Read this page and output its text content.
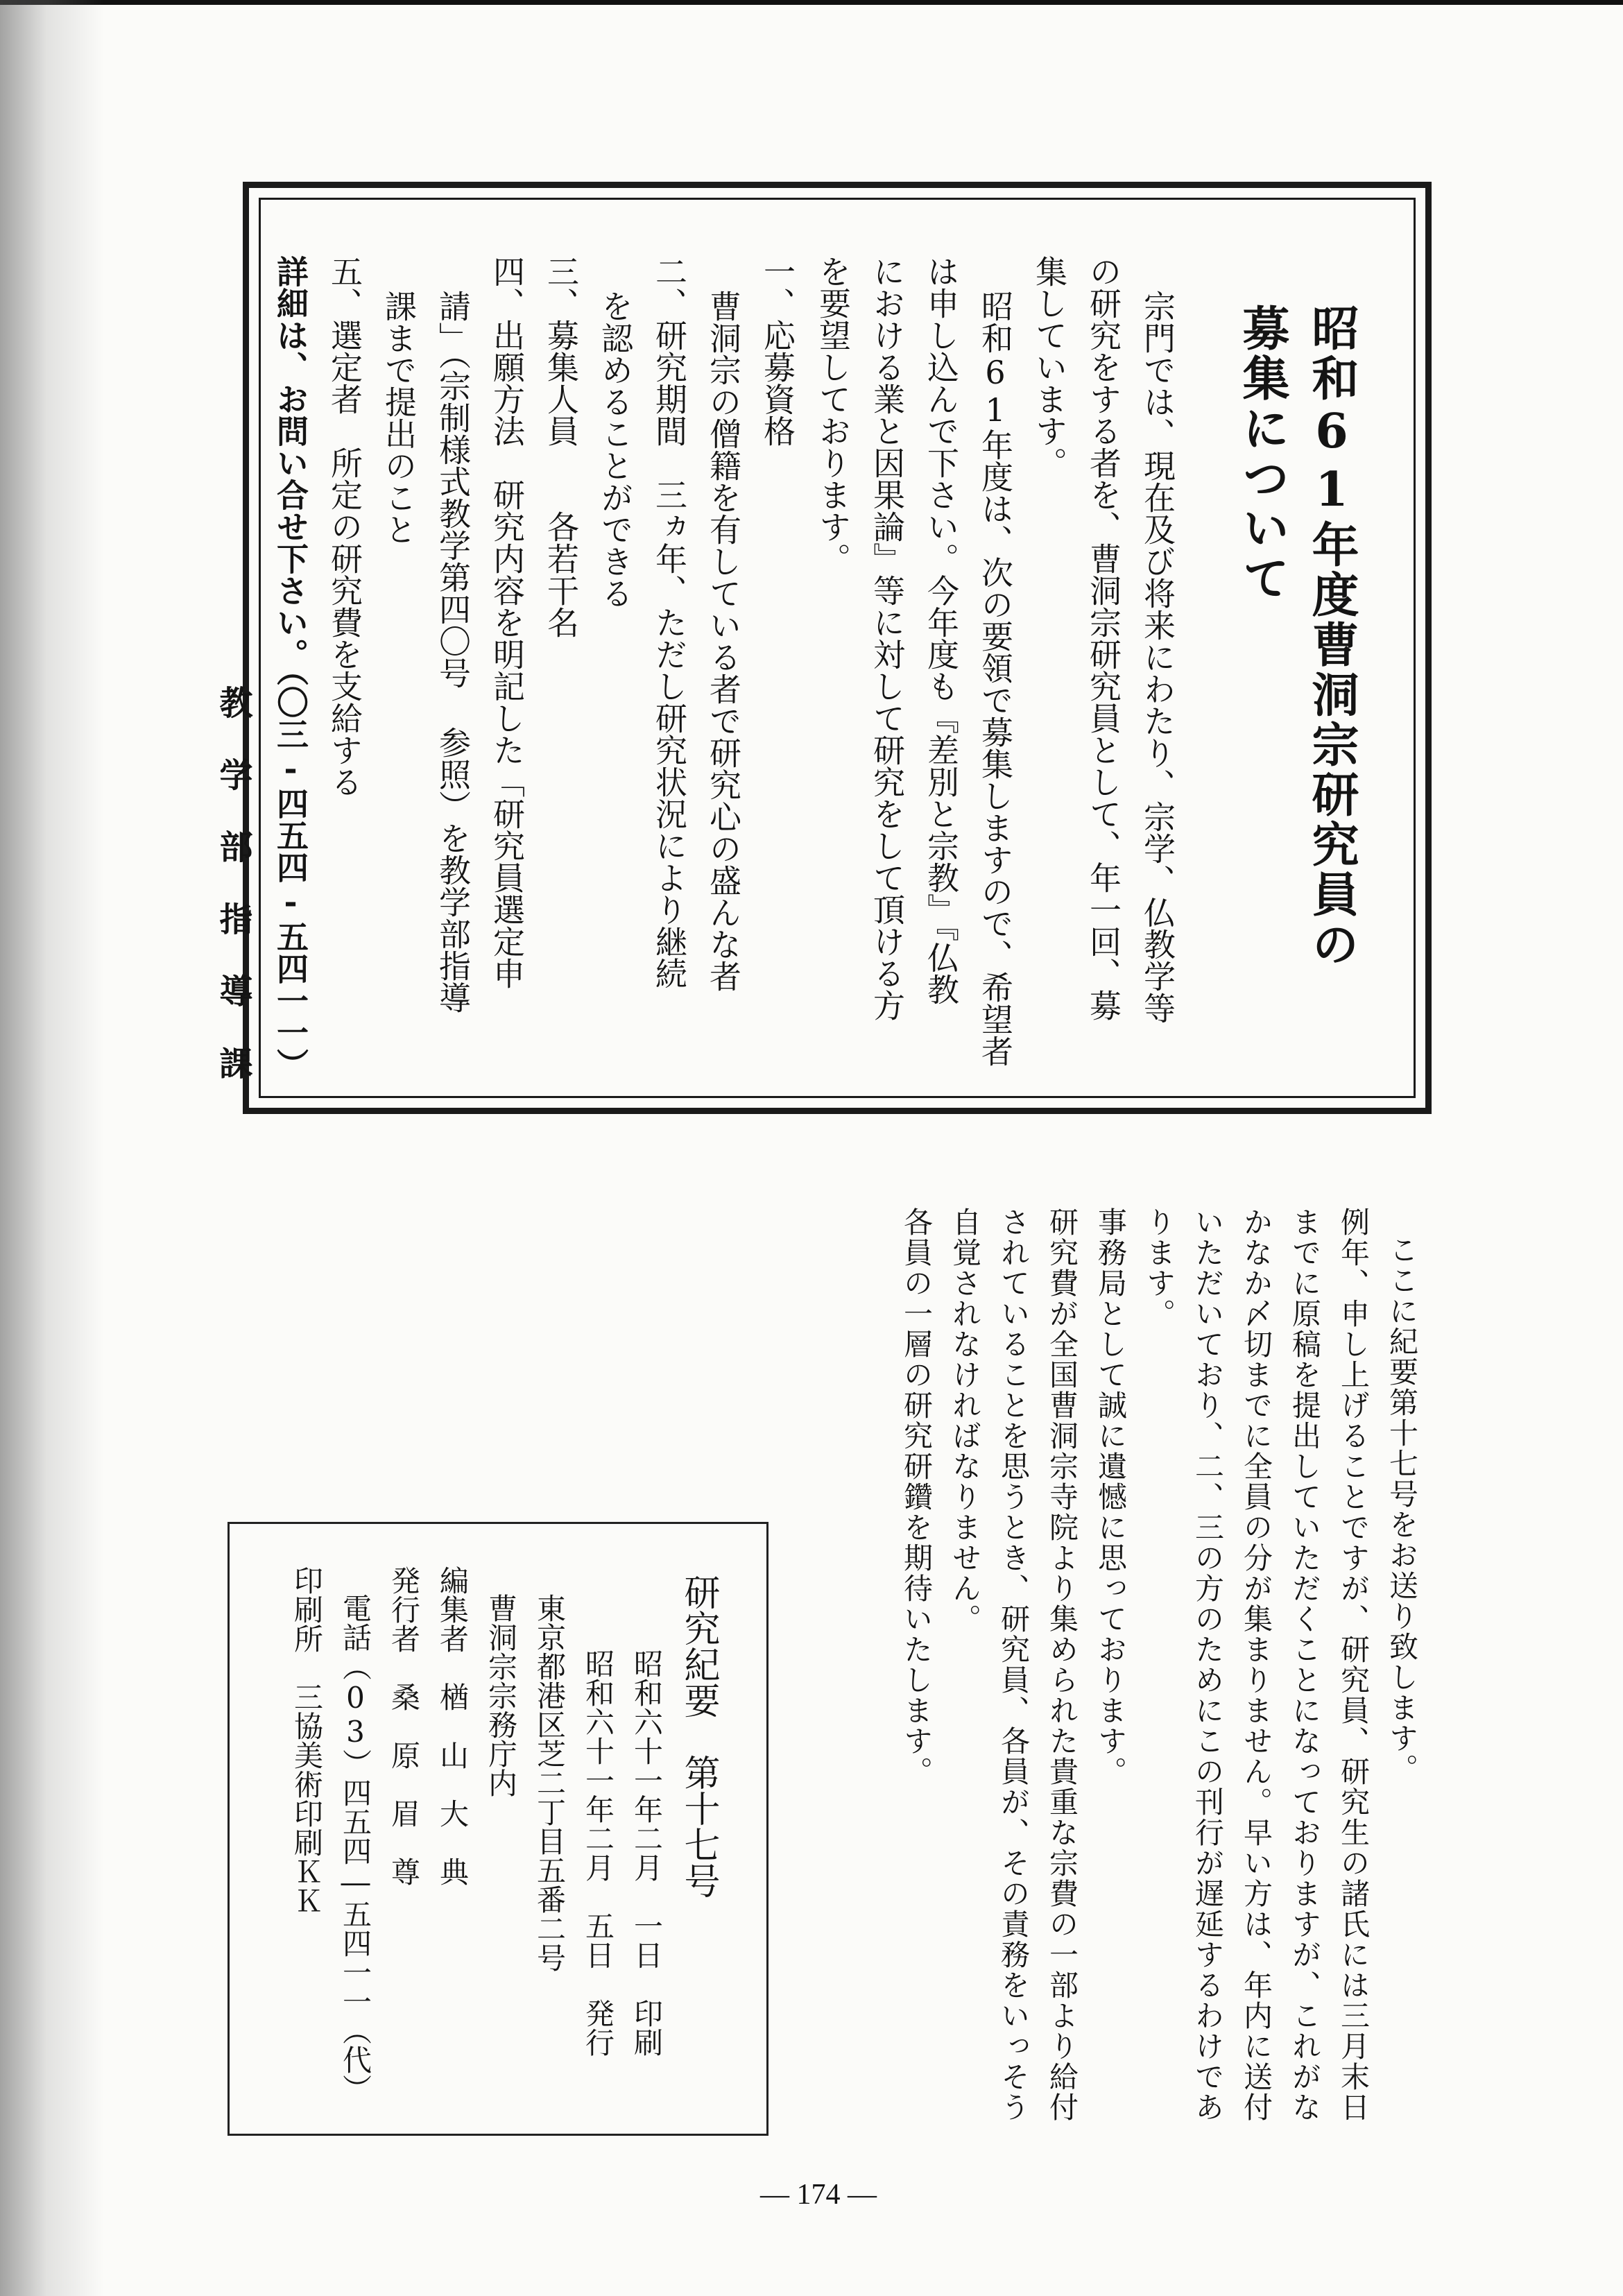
昭和61年度曹洞宗研究員の
募集について
宗門では、現在及び将来にわたり、宗学、仏教学等
の研究をする者を、曹洞宗研究員として、年一回、募
集しています。
昭和61年度は、次の要領で募集しますので、希望者
は申し込んで下さい。今年度も『差別と宗教』『仏教
における業と因果論』等に対して研究をして頂ける方
を要望しております。
一、応募資格
曹洞宗の僧籍を有している者で研究心の盛んな者
二、研究期間　三ヵ年、ただし研究状況により継続
を認めることができる
三、募集人員　　各若干名
四、出願方法　研究内容を明記した「研究員選定申
請」（宗制様式教学第四〇号 参照）を教学部指導
課まで提出のこと
五、選定者　所定の研究費を支給する
詳細は、お問い合せ下さい。（〇三-四五四-五四一一）
教 学 部 指 導 課
ここに紀要第十七号をお送り致します。
例年、申し上げることですが、研究員、研究生の諸氏には三月末日
までに原稿を提出していただくことになっておりますが、これがな
かなか〆切までに全員の分が集まりません。早い方は、年内に送付
いただいており、二、三の方のためにこの刊行が遅延するわけであ
ります。
事務局として誠に遺憾に思っております。
研究費が全国曹洞宗寺院より集められた貴重な宗費の一部より給付
されていることを思うとき、研究員、各員が、その責務をいっそう
自覚されなければなりません。
各員の一層の研究研鑽を期待いたします。
研究紀要　第十七号
昭和六十一年二月　一日　印刷
昭和六十一年二月　五日　発行
東京都港区芝二丁目五番二号
曹洞宗宗務庁内
編集者　楢　山　大　典
発行者　桑　原　眉　尊
電話（03）四五四―五四一一（代）
印刷所　三協美術印刷ＫＫ
— 174 —
